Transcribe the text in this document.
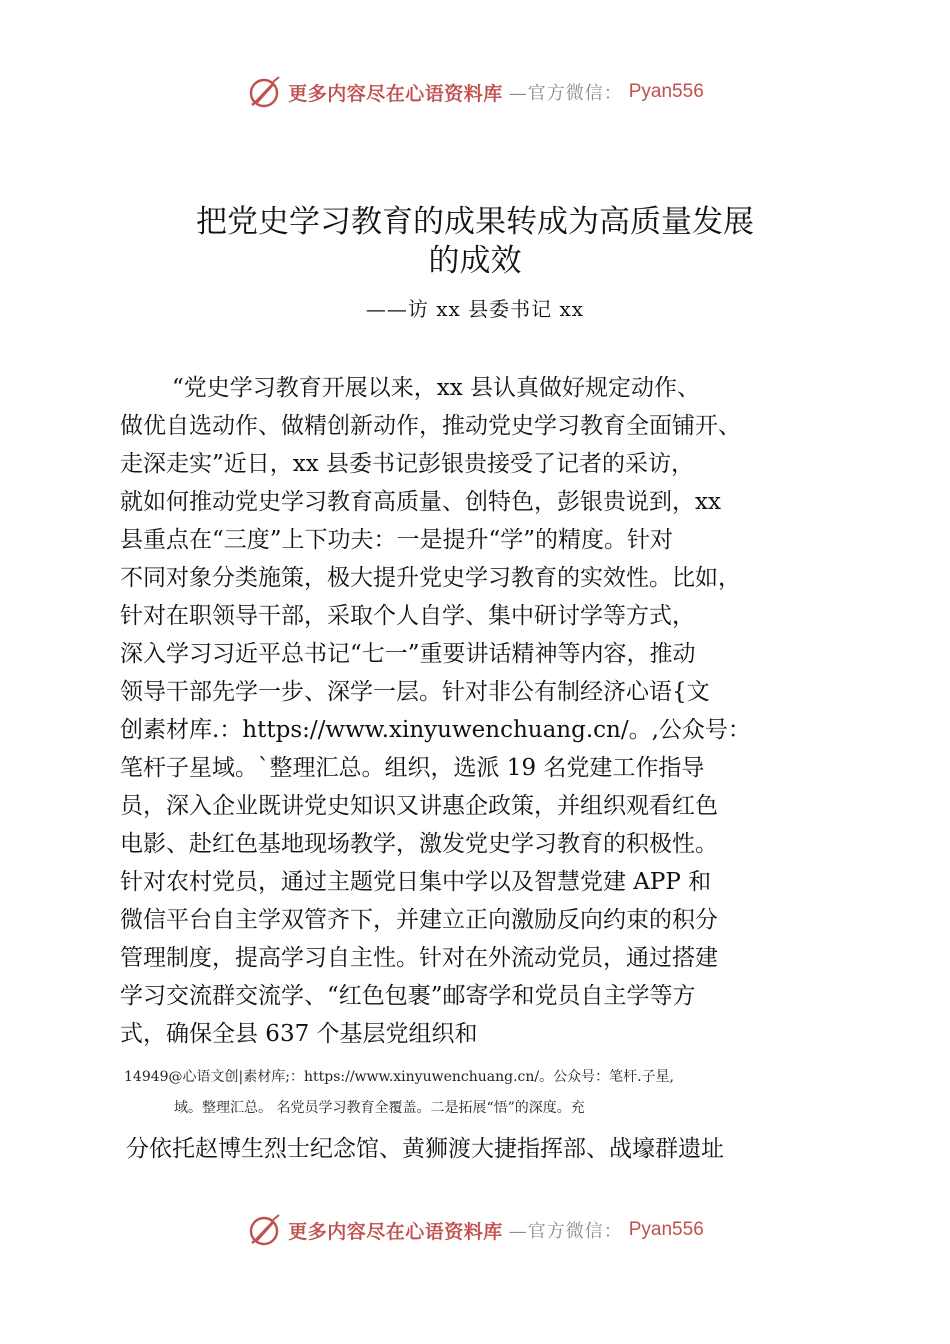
更多内容尽在心语资料库 —官方微信： Pyan556
把党史学习教育的成果转成为高质量发展
的成效
——访 xx 县委书记 xx
“党史学习教育开展以来，xx 县认真做好规定动作、
做优自选动作、做精创新动作，推动党史学习教育全面铺开、
走深走实”近日，xx 县委书记彭银贵接受了记者的采访，
就如何推动党史学习教育高质量、创特色，彭银贵说到，xx
县重点在“三度”上下功夫：一是提升“学”的精度。针对
不同对象分类施策，极大提升党史学习教育的实效性。比如，
针对在职领导干部，采取个人自学、集中研讨学等方式，
深入学习习近平总书记“七一”重要讲话精神等内容，推动
领导干部先学一步、深学一层。针对非公有制经济心语{文
创素材库.：https://www.xinyuwenchuang.cn/。,公众号：
笔杆子星域。`整理汇总。组织，选派 19 名党建工作指导
员，深入企业既讲党史知识又讲惠企政策，并组织观看红色
电影、赴红色基地现场教学，激发党史学习教育的积极性。
针对农村党员，通过主题党日集中学以及智慧党建 APP 和
微信平台自主学双管齐下，并建立正向激励反向约束的积分
管理制度，提高学习自主性。针对在外流动党员，通过搭建
学习交流群交流学、“红色包裹”邮寄学和党员自主学等方
式，确保全县 637 个基层党组织和
14949@心语文创|素材库;：https://www.xinyuwenchuang.cn/。公众号：笔杆.子星,
域。整理汇总。 名党员学习教育全覆盖。二是拓展“悟”的深度。充
分依托赵博生烈士纪念馆、黄狮渡大捷指挥部、战壕群遗址
更多内容尽在心语资料库 —官方微信： Pyan556
